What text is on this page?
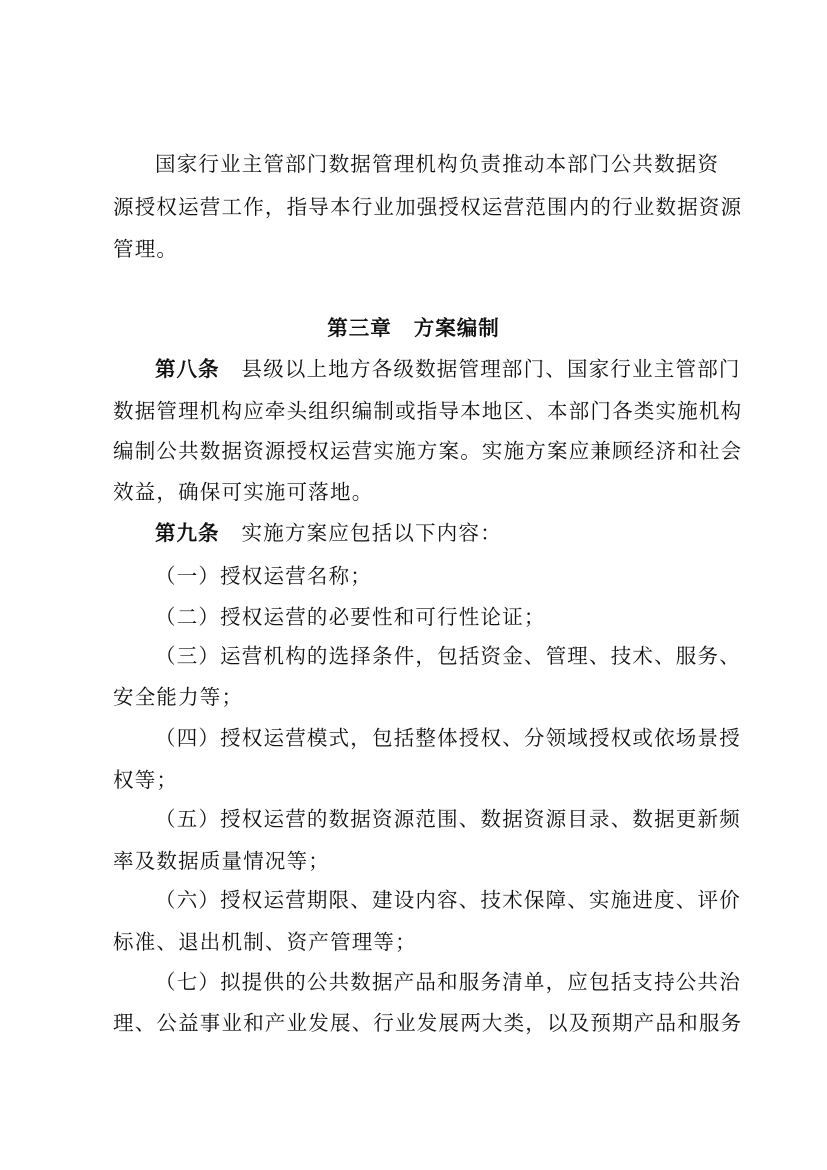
国家行业主管部门数据管理机构负责推动本部门公共数据资
源授权运营工作，指导本行业加强授权运营范围内的行业数据资源
管理。
第三章 方案编制
第八条 县级以上地方各级数据管理部门、国家行业主管部门
数据管理机构应牵头组织编制或指导本地区、本部门各类实施机构
编制公共数据资源授权运营实施方案。实施方案应兼顾经济和社会
效益，确保可实施可落地。
第九条 实施方案应包括以下内容：
（一）授权运营名称；
（二）授权运营的必要性和可行性论证；
（三）运营机构的选择条件，包括资金、管理、技术、服务、
安全能力等；
（四）授权运营模式，包括整体授权、分领域授权或依场景授
权等；
（五）授权运营的数据资源范围、数据资源目录、数据更新频
率及数据质量情况等；
（六）授权运营期限、建设内容、技术保障、实施进度、评价
标准、退出机制、资产管理等；
（七）拟提供的公共数据产品和服务清单，应包括支持公共治
理、公益事业和产业发展、行业发展两大类，以及预期产品和服务
